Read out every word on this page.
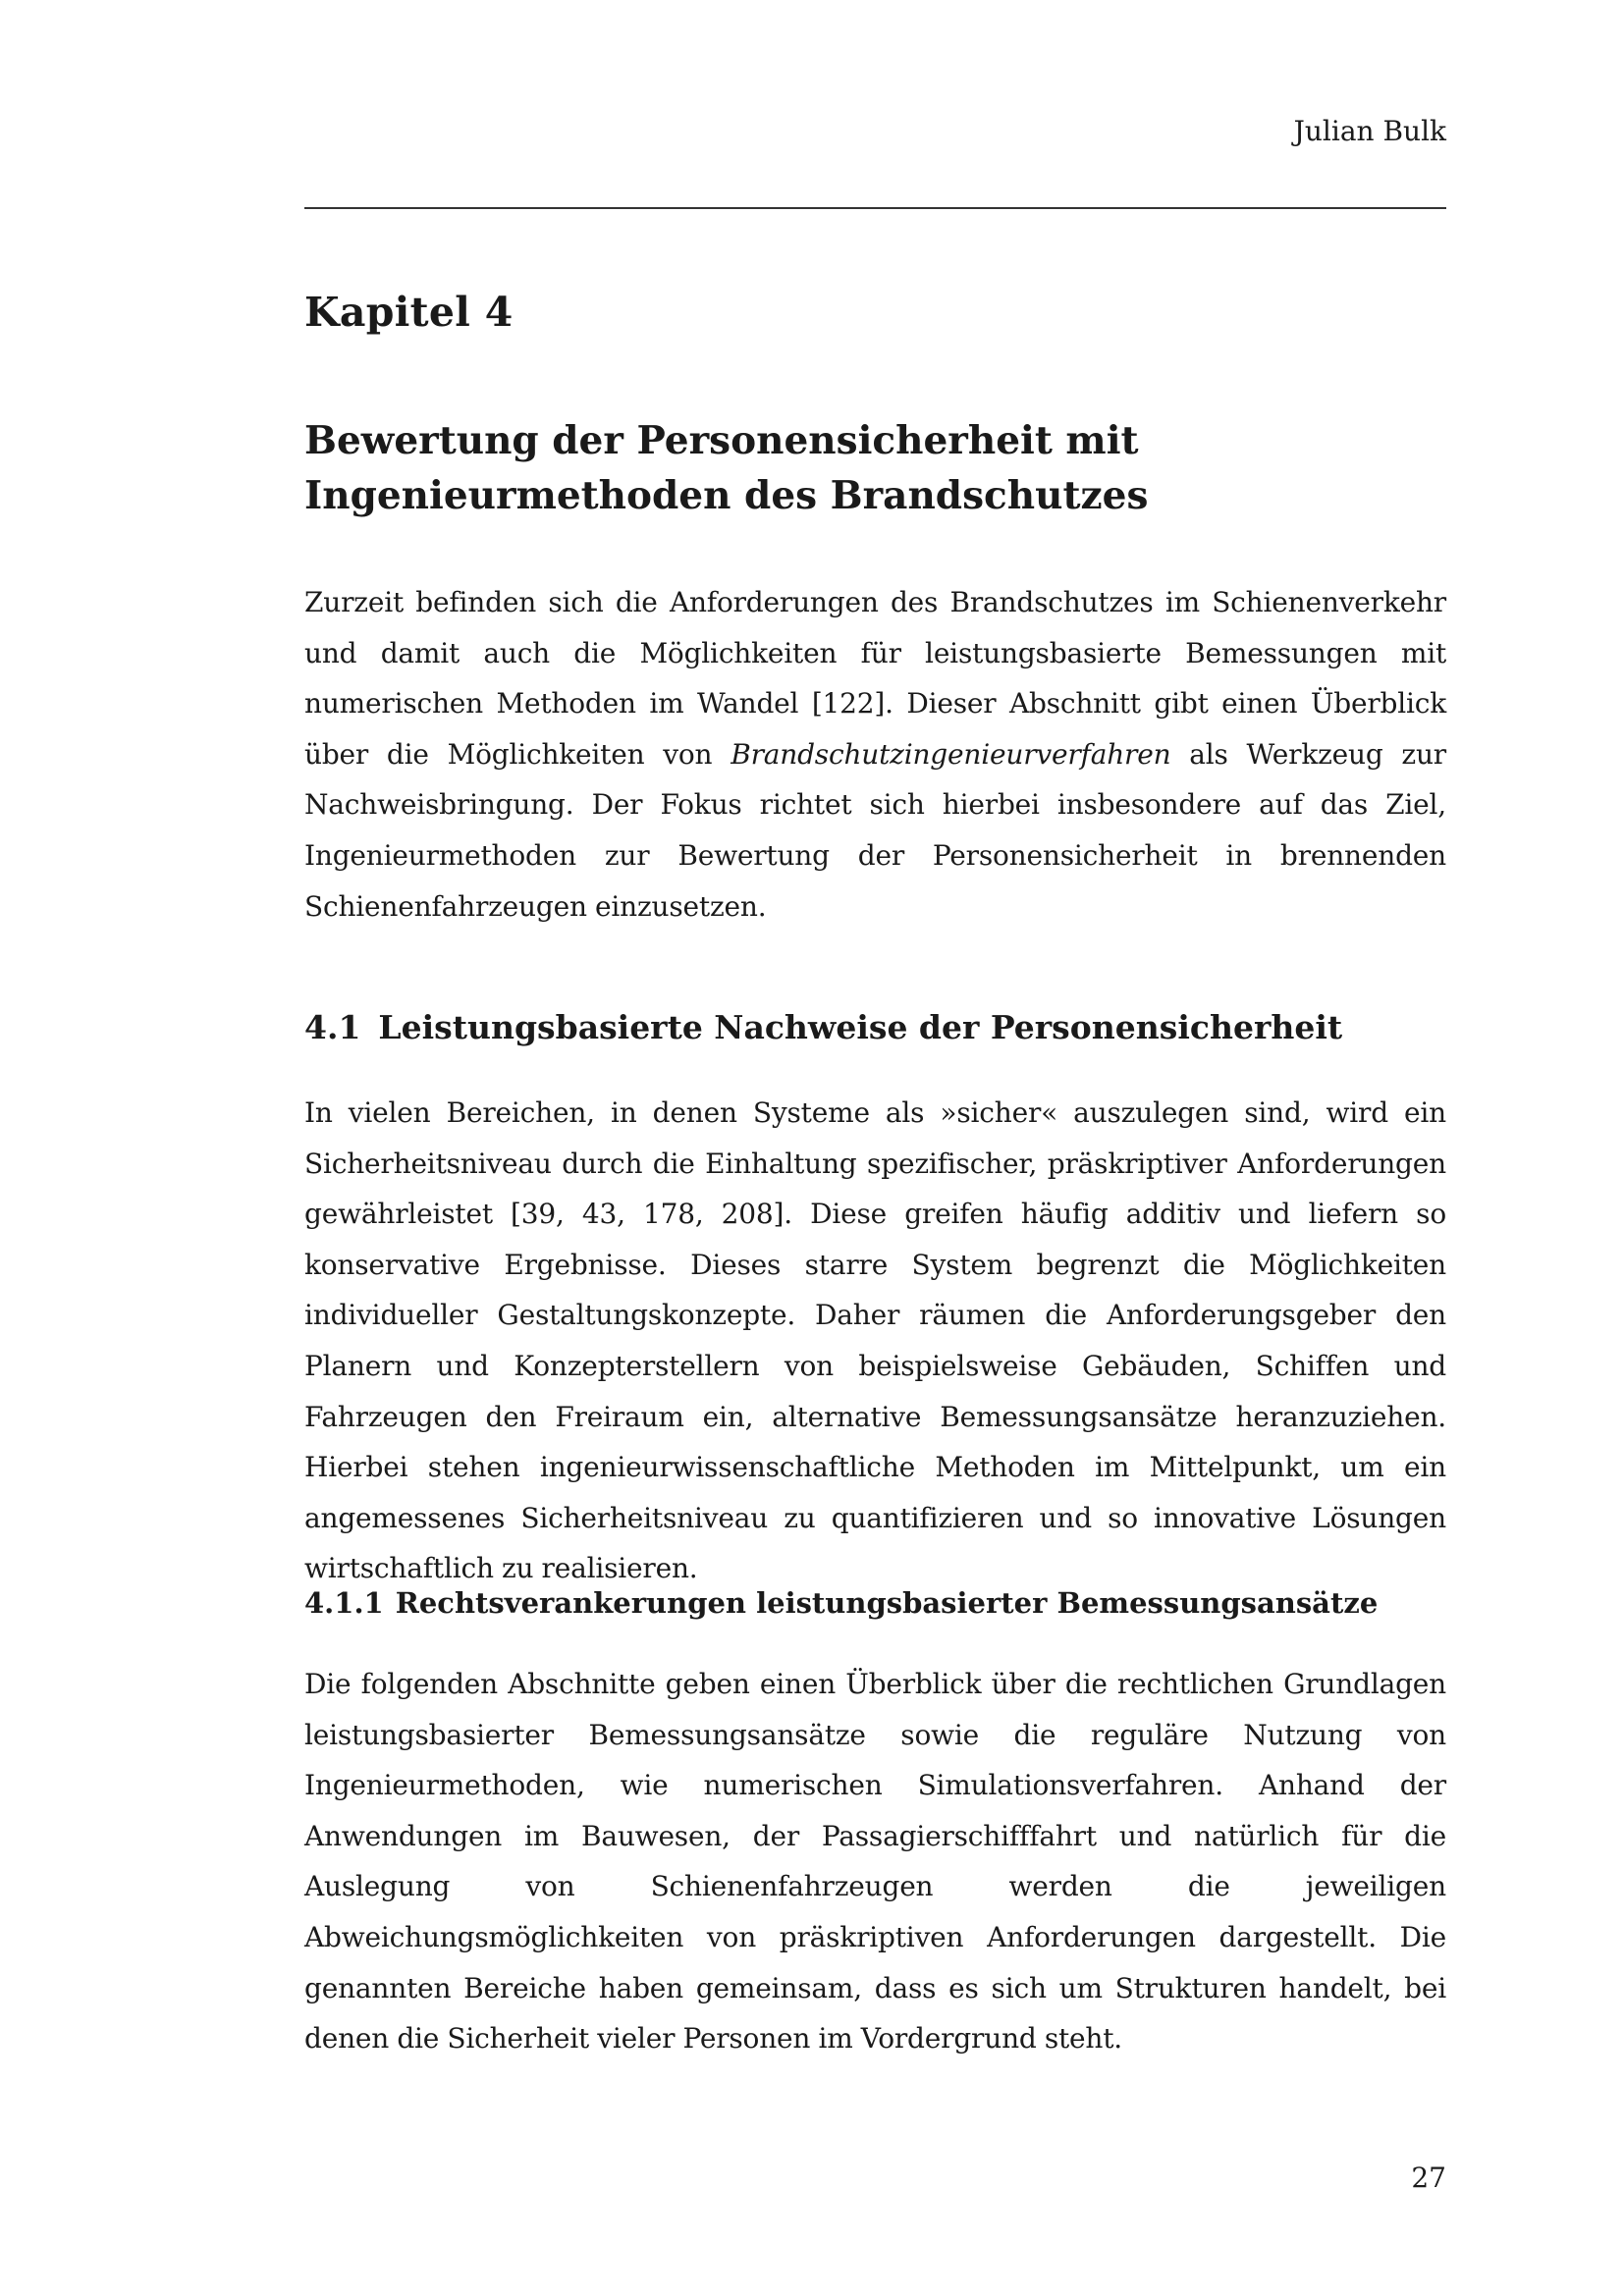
Julian Bulk
Kapitel 4
Bewertung der Personensicherheit mit
Ingenieurmethoden des Brandschutzes
Zurzeit befinden sich die Anforderungen des Brandschutzes im Schienenverkehr und damit auch die Möglichkeiten für leistungsbasierte Bemessungen mit numerischen Methoden im Wandel [122]. Dieser Abschnitt gibt einen Überblick über die Möglichkeiten von Brandschutzingenieurverfahren als Werkzeug zur Nachweisbringung. Der Fokus richtet sich hierbei insbesondere auf das Ziel, Ingenieurmethoden zur Bewertung der Personensicherheit in brennenden Schienenfahrzeugen einzusetzen.
4.1 Leistungsbasierte Nachweise der Personensicherheit
In vielen Bereichen, in denen Systeme als »sicher« auszulegen sind, wird ein Sicherheitsniveau durch die Einhaltung spezifischer, präskriptiver Anforderungen gewährleistet [39, 43, 178, 208]. Diese greifen häufig additiv und liefern so konservative Ergebnisse. Dieses starre System begrenzt die Möglichkeiten individueller Gestaltungskonzepte. Daher räumen die Anforderungsgeber den Planern und Konzepterstellern von beispielsweise Gebäuden, Schiffen und Fahrzeugen den Freiraum ein, alternative Bemessungsansätze heranzuziehen. Hierbei stehen ingenieurwissenschaftliche Methoden im Mittelpunkt, um ein angemessenes Sicherheitsniveau zu quantifizieren und so innovative Lösungen wirtschaftlich zu realisieren.
4.1.1 Rechtsverankerungen leistungsbasierter Bemessungsansätze
Die folgenden Abschnitte geben einen Überblick über die rechtlichen Grundlagen leistungsbasierter Bemessungsansätze sowie die reguläre Nutzung von Ingenieurmethoden, wie numerischen Simulationsverfahren. Anhand der Anwendungen im Bauwesen, der Passagierschifffahrt und natürlich für die Auslegung von Schienenfahrzeugen werden die jeweiligen Abweichungsmöglichkeiten von präskriptiven Anforderungen dargestellt. Die genannten Bereiche haben gemeinsam, dass es sich um Strukturen handelt, bei denen die Sicherheit vieler Personen im Vordergrund steht.
27
